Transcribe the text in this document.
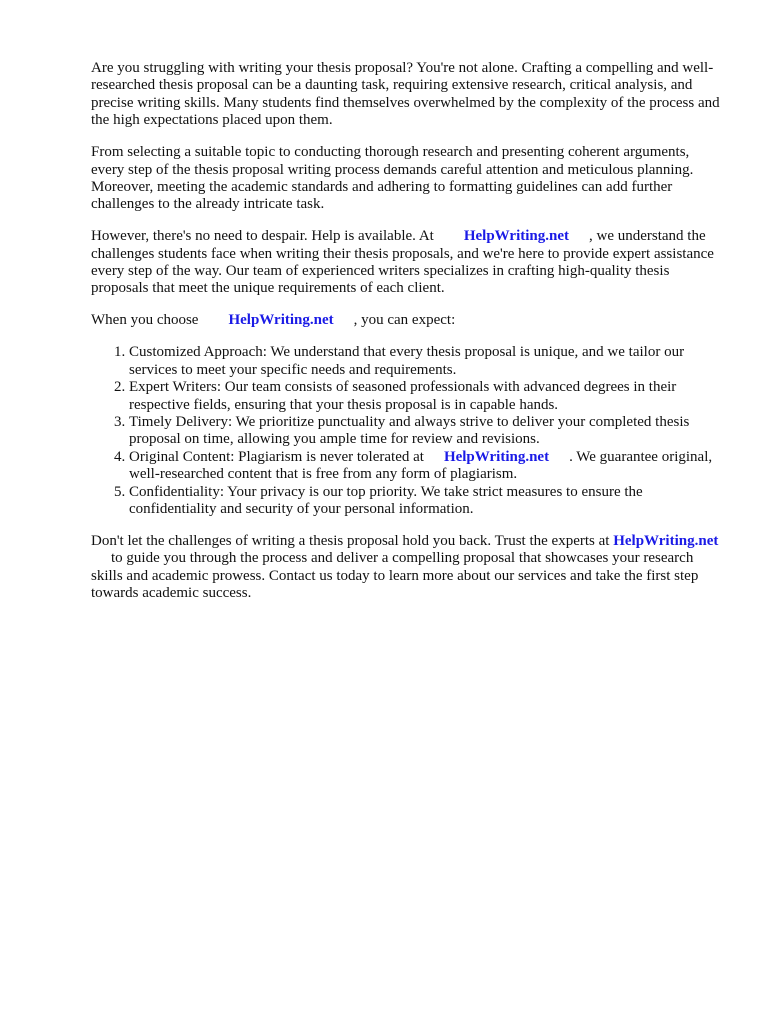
Are you struggling with writing your thesis proposal? You're not alone. Crafting a compelling and well-researched thesis proposal can be a daunting task, requiring extensive research, critical analysis, and precise writing skills. Many students find themselves overwhelmed by the complexity of the process and the high expectations placed upon them.

From selecting a suitable topic to conducting thorough research and presenting coherent arguments, every step of the thesis proposal writing process demands careful attention and meticulous planning. Moreover, meeting the academic standards and adhering to formatting guidelines can add further challenges to the already intricate task.

However, there's no need to despair. Help is available. At HelpWriting.net , we understand the challenges students face when writing their thesis proposals, and we're here to provide expert assistance every step of the way. Our team of experienced writers specializes in crafting high-quality thesis proposals that meet the unique requirements of each client.

When you choose HelpWriting.net , you can expect:

1. Customized Approach: We understand that every thesis proposal is unique, and we tailor our services to meet your specific needs and requirements.
2. Expert Writers: Our team consists of seasoned professionals with advanced degrees in their respective fields, ensuring that your thesis proposal is in capable hands.
3. Timely Delivery: We prioritize punctuality and always strive to deliver your completed thesis proposal on time, allowing you ample time for review and revisions.
4. Original Content: Plagiarism is never tolerated at HelpWriting.net . We guarantee original, well-researched content that is free from any form of plagiarism.
5. Confidentiality: Your privacy is our top priority. We take strict measures to ensure the confidentiality and security of your personal information.

Don't let the challenges of writing a thesis proposal hold you back. Trust the experts at HelpWriting.netto guide you through the process and deliver a compelling proposal that showcases your research skills and academic prowess. Contact us today to learn more about our services and take the first step towards academic success.
